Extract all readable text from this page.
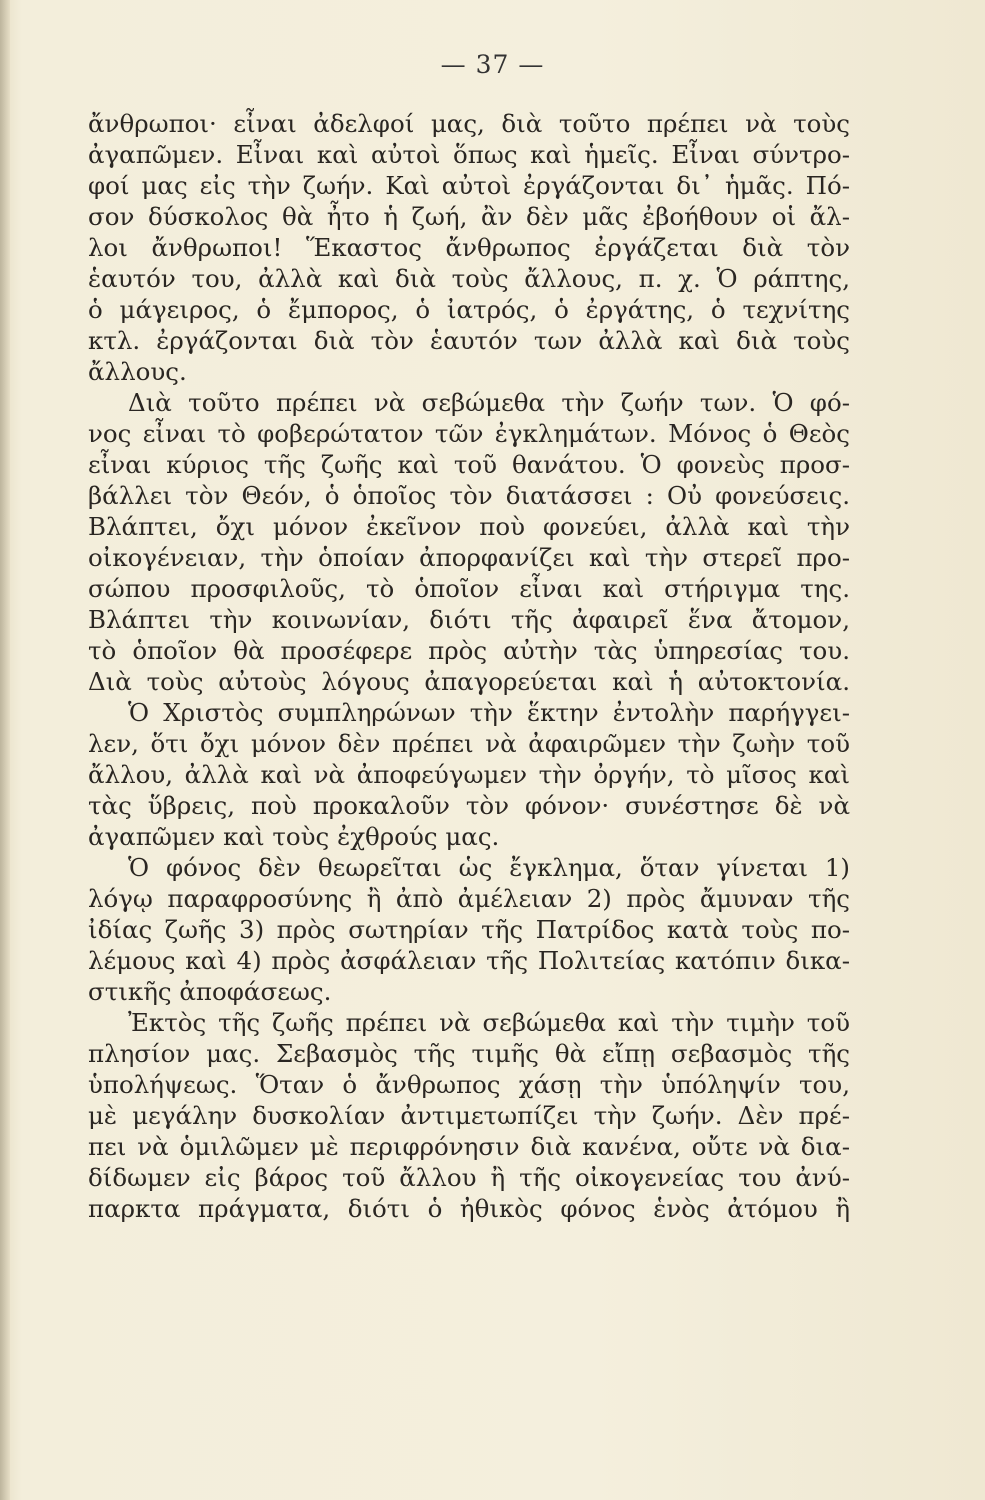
— 37 —
ἄνθρωποι· εἶναι ἀδελφοί μας, διὰ τοῦτο πρέπει νὰ τοὺς
ἀγαπῶμεν. Εἶναι καὶ αὐτοὶ ὅπως καὶ ἡμεῖς. Εἶναι σύντρο-
φοί μας εἰς τὴν ζωήν. Καὶ αὐτοὶ ἐργάζονται δι᾽ ἡμᾶς. Πό-
σον δύσκολος θὰ ἦτο ἡ ζωή, ἂν δὲν μᾶς ἐβοήθουν οἱ ἄλ-
λοι ἄνθρωποι! Ἕκαστος ἄνθρωπος ἐργάζεται διὰ τὸν
ἑαυτόν του, ἀλλὰ καὶ διὰ τοὺς ἄλλους, π. χ. Ὁ ράπτης,
ὁ μάγειρος, ὁ ἔμπορος, ὁ ἰατρός, ὁ ἐργάτης, ὁ τεχνίτης
κτλ. ἐργάζονται διὰ τὸν ἑαυτόν των ἀλλὰ καὶ διὰ τοὺς
ἄλλους.
Διὰ τοῦτο πρέπει νὰ σεβώμεθα τὴν ζωήν των. Ὁ φό-
νος εἶναι τὸ φοβερώτατον τῶν ἐγκλημάτων. Μόνος ὁ Θεὸς
εἶναι κύριος τῆς ζωῆς καὶ τοῦ θανάτου. Ὁ φονεὺς προσ-
βάλλει τὸν Θεόν, ὁ ὁποῖος τὸν διατάσσει : Οὐ φονεύσεις.
Βλάπτει, ὄχι μόνον ἐκεῖνον ποὺ φονεύει, ἀλλὰ καὶ τὴν
οἰκογένειαν, τὴν ὁποίαν ἀπορφανίζει καὶ τὴν στερεῖ προ-
σώπου προσφιλοῦς, τὸ ὁποῖον εἶναι καὶ στήριγμα της.
Βλάπτει τὴν κοινωνίαν, διότι τῆς ἀφαιρεῖ ἕνα ἄτομον,
τὸ ὁποῖον θὰ προσέφερε πρὸς αὐτὴν τὰς ὑπηρεσίας του.
Διὰ τοὺς αὐτοὺς λόγους ἀπαγορεύεται καὶ ἡ αὐτοκτονία.
Ὁ Χριστὸς συμπληρώνων τὴν ἕκτην ἐντολὴν παρήγγει-
λεν, ὅτι ὄχι μόνον δὲν πρέπει νὰ ἀφαιρῶμεν τὴν ζωὴν τοῦ
ἄλλου, ἀλλὰ καὶ νὰ ἀποφεύγωμεν τὴν ὀργήν, τὸ μῖσος καὶ
τὰς ὕβρεις, ποὺ προκαλοῦν τὸν φόνον· συνέστησε δὲ νὰ
ἀγαπῶμεν καὶ τοὺς ἐχθρούς μας.
Ὁ φόνος δὲν θεωρεῖται ὡς ἔγκλημα, ὅταν γίνεται 1)
λόγῳ παραφροσύνης ἢ ἀπὸ ἀμέλειαν 2) πρὸς ἄμυναν τῆς
ἰδίας ζωῆς 3) πρὸς σωτηρίαν τῆς Πατρίδος κατὰ τοὺς πο-
λέμους καὶ 4) πρὸς ἀσφάλειαν τῆς Πολιτείας κατόπιν δικα-
στικῆς ἀποφάσεως.
Ἐκτὸς τῆς ζωῆς πρέπει νὰ σεβώμεθα καὶ τὴν τιμὴν τοῦ
πλησίον μας. Σεβασμὸς τῆς τιμῆς θὰ εἴπῃ σεβασμὸς τῆς
ὑπολήψεως. Ὅταν ὁ ἄνθρωπος χάσῃ τὴν ὑπόληψίν του,
μὲ μεγάλην δυσκολίαν ἀντιμετωπίζει τὴν ζωήν. Δὲν πρέ-
πει νὰ ὁμιλῶμεν μὲ περιφρόνησιν διὰ κανένα, οὔτε νὰ δια-
δίδωμεν εἰς βάρος τοῦ ἄλλου ἢ τῆς οἰκογενείας του ἀνύ-
παρκτα πράγματα, διότι ὁ ἠθικὸς φόνος ἑνὸς ἀτόμου ἢ
